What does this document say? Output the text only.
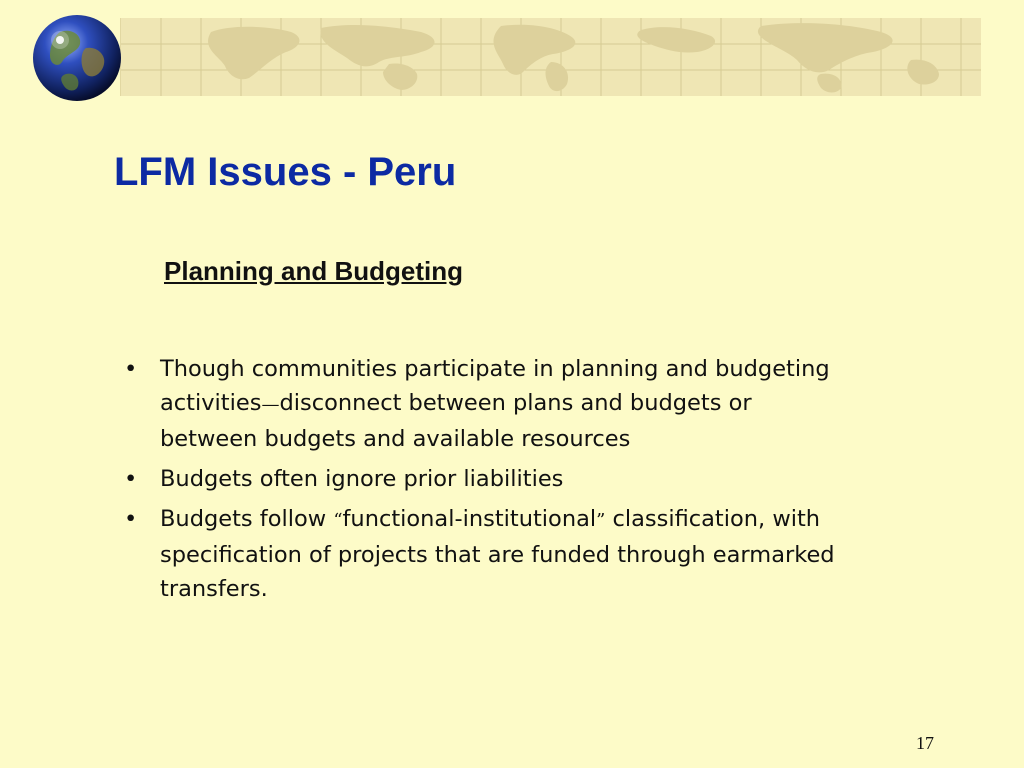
LFM Issues - Peru
Planning and Budgeting
• Though communities participate in planning and budgeting activities—disconnect between plans and budgets or between budgets and available resources
• Budgets often ignore prior liabilities
• Budgets follow “functional-institutional” classification, with specification of projects that are funded through earmarked transfers.
17
